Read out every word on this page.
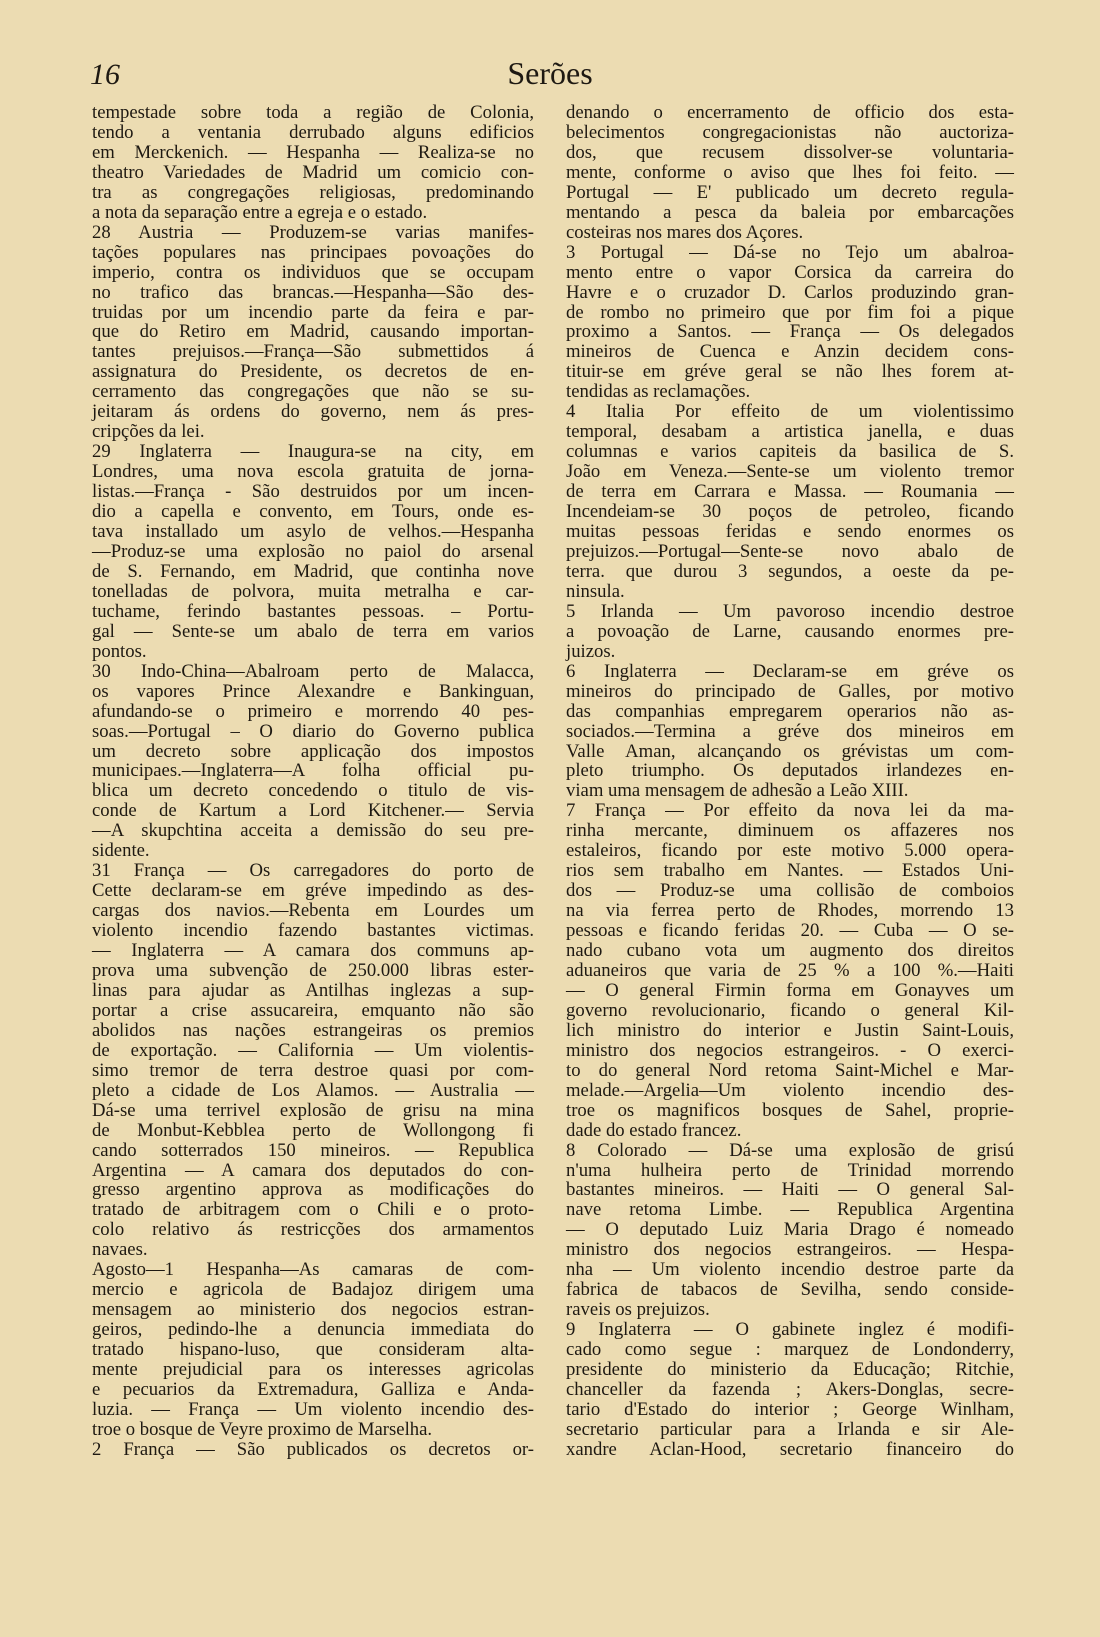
16	Serões
tempestade sobre toda a região de Colonia,
tendo a ventania derrubado alguns edificios
em Merckenich. — Hespanha — Realiza-se no
theatro Variedades de Madrid um comicio con-
tra as congregações religiosas, predominando
a nota da separação entre a egreja e o estado.
28 Austria — Produzem-se varias manifes-
tações populares nas principaes povoações do
imperio, contra os individuos que se occupam
no trafico das brancas.—Hespanha—São des-
truidas por um incendio parte da feira e par-
que do Retiro em Madrid, causando importan-
tantes prejuisos.—França—São submettidos á
assignatura do Presidente, os decretos de en-
cerramento das congregações que não se su-
jeitaram ás ordens do governo, nem ás pres-
cripções da lei.
29 Inglaterra — Inaugura-se na city, em
Londres, uma nova escola gratuita de jorna-
listas.—França - São destruidos por um incen-
dio a capella e convento, em Tours, onde es-
tava installado um asylo de velhos.—Hespanha
—Produz-se uma explosão no paiol do arsenal
de S. Fernando, em Madrid, que continha nove
tonelladas de polvora, muita metralha e car-
tuchame, ferindo bastantes pessoas. – Portu-
gal — Sente-se um abalo de terra em varios
pontos.
30 Indo-China—Abalroam perto de Malacca,
os vapores Prince Alexandre e Bankinguan,
afundando-se o primeiro e morrendo 40 pes-
soas.—Portugal – O diario do Governo publica
um decreto sobre applicação dos impostos
municipaes.—Inglaterra—A folha official pu-
blica um decreto concedendo o titulo de vis-
conde de Kartum a Lord Kitchener.— Servia
—A skupchtina acceita a demissão do seu pre-
sidente.
31 França — Os carregadores do porto de
Cette declaram-se em gréve impedindo as des-
cargas dos navios.—Rebenta em Lourdes um
violento incendio fazendo bastantes victimas.
— Inglaterra — A camara dos communs ap-
prova uma subvenção de 250.000 libras ester-
linas para ajudar as Antilhas inglezas a sup-
portar a crise assucareira, emquanto não são
abolidos nas nações estrangeiras os premios
de exportação. — California — Um violentis-
simo tremor de terra destroe quasi por com-
pleto a cidade de Los Alamos. — Australia —
Dá-se uma terrivel explosão de grisu na mina
de Monbut-Kebblea perto de Wollongong fi
cando sotterrados 150 mineiros. — Republica
Argentina — A camara dos deputados do con-
gresso argentino approva as modificações do
tratado de arbitragem com o Chili e o proto-
colo relativo ás restricções dos armamentos
navaes.
Agosto—1 Hespanha—As camaras de com-
mercio e agricola de Badajoz dirigem uma
mensagem ao ministerio dos negocios estran-
geiros, pedindo-lhe a denuncia immediata do
tratado hispano-luso, que consideram alta-
mente prejudicial para os interesses agricolas
e pecuarios da Extremadura, Galliza e Anda-
luzia. — França — Um violento incendio des-
troe o bosque de Veyre proximo de Marselha.
2 França — São publicados os decretos or-
denando o encerramento de officio dos esta-
belecimentos congregacionistas não auctoriza-
dos, que recusem dissolver-se voluntaria-
mente, conforme o aviso que lhes foi feito. —
Portugal — E' publicado um decreto regula-
mentando a pesca da baleia por embarcações
costeiras nos mares dos Açores.
3 Portugal — Dá-se no Tejo um abalroa-
mento entre o vapor Corsica da carreira do
Havre e o cruzador D. Carlos produzindo gran-
de rombo no primeiro que por fim foi a pique
proximo a Santos. — França — Os delegados
mineiros de Cuenca e Anzin decidem cons-
tituir-se em gréve geral se não lhes forem at-
tendidas as reclamações.
4 Italia Por effeito de um violentissimo
temporal, desabam a artistica janella, e duas
columnas e varios capiteis da basilica de S.
João em Veneza.—Sente-se um violento tremor
de terra em Carrara e Massa. — Roumania —
Incendeiam-se 30 poços de petroleo, ficando
muitas pessoas feridas e sendo enormes os
prejuizos.—Portugal—Sente-se novo abalo de
terra. que durou 3 segundos, a oeste da pe-
ninsula.
5 Irlanda — Um pavoroso incendio destroe
a povoação de Larne, causando enormes pre-
juizos.
6 Inglaterra — Declaram-se em gréve os
mineiros do principado de Galles, por motivo
das companhias empregarem operarios não as-
sociados.—Termina a gréve dos mineiros em
Valle Aman, alcançando os grévistas um com-
pleto triumpho. Os deputados irlandezes en-
viam uma mensagem de adhesão a Leão XIII.
7 França — Por effeito da nova lei da ma-
rinha mercante, diminuem os affazeres nos
estaleiros, ficando por este motivo 5.000 opera-
rios sem trabalho em Nantes. — Estados Uni-
dos — Produz-se uma collisão de comboios
na via ferrea perto de Rhodes, morrendo 13
pessoas e ficando feridas 20. — Cuba — O se-
nado cubano vota um augmento dos direitos
aduaneiros que varia de 25 % a 100 %.—Haiti
— O general Firmin forma em Gonayves um
governo revolucionario, ficando o general Kil-
lich ministro do interior e Justin Saint-Louis,
ministro dos negocios estrangeiros. - O exerci-
to do general Nord retoma Saint-Michel e Mar-
melade.—Argelia—Um violento incendio des-
troe os magnificos bosques de Sahel, proprie-
dade do estado francez.
8 Colorado — Dá-se uma explosão de grisú
n'uma hulheira perto de Trinidad morrendo
bastantes mineiros. — Haiti — O general Sal-
nave retoma Limbe. — Republica Argentina
— O deputado Luiz Maria Drago é nomeado
ministro dos negocios estrangeiros. — Hespa-
nha — Um violento incendio destroe parte da
fabrica de tabacos de Sevilha, sendo conside-
raveis os prejuizos.
9 Inglaterra — O gabinete inglez é modifi-
cado como segue : marquez de Londonderry,
presidente do ministerio da Educação; Ritchie,
chanceller da fazenda ; Akers-Donglas, secre-
tario d'Estado do interior ; George Winlham,
secretario particular para a Irlanda e sir Ale-
xandre Aclan-Hood, secretario financeiro do
